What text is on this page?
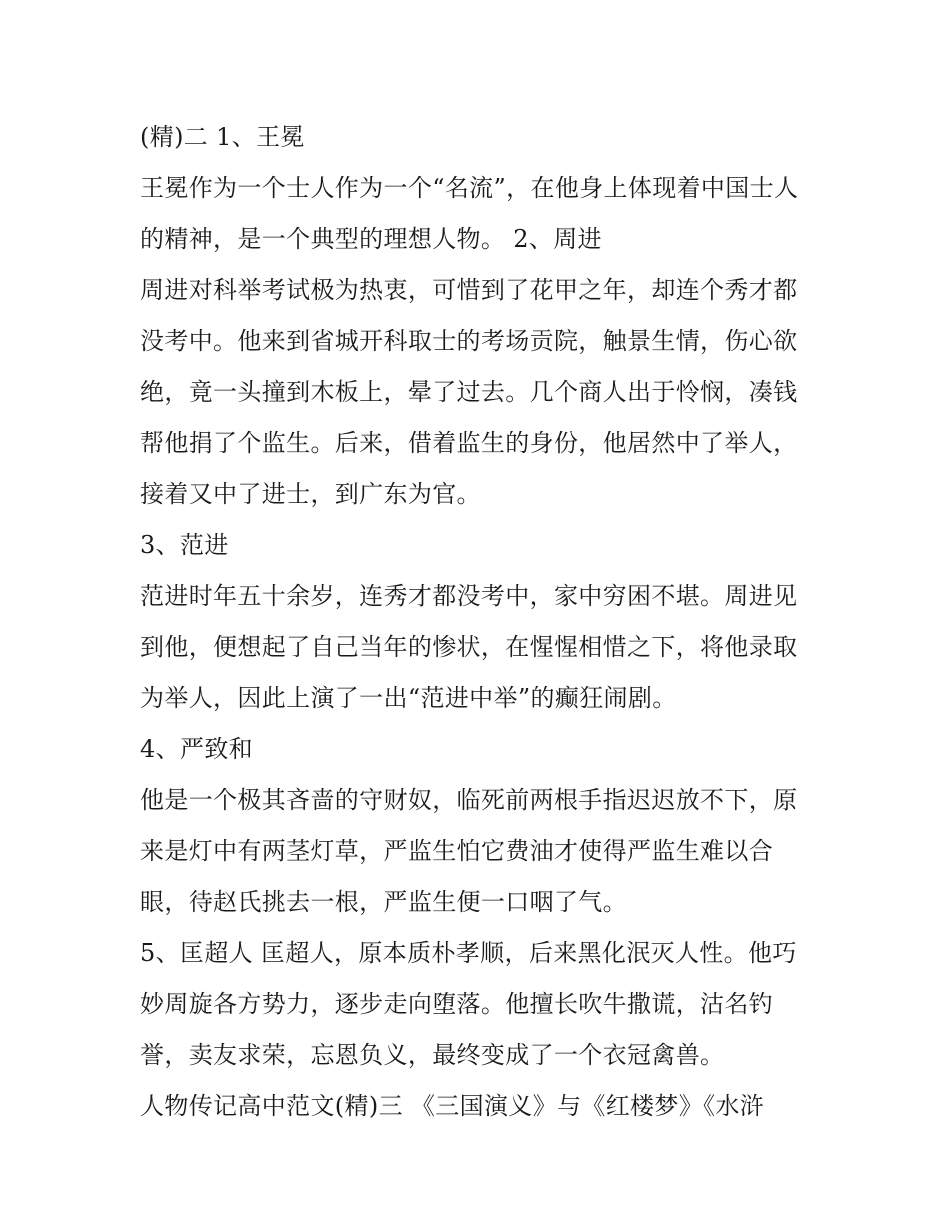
(精)二 1、王冕
王冕作为一个士人作为一个“名流”，在他身上体现着中国士人
的精神，是一个典型的理想人物。 2、周进
周进对科举考试极为热衷，可惜到了花甲之年，却连个秀才都
没考中。他来到省城开科取士的考场贡院，触景生情，伤心欲
绝，竟一头撞到木板上，晕了过去。几个商人出于怜悯，凑钱
帮他捐了个监生。后来，借着监生的身份，他居然中了举人，
接着又中了进士，到广东为官。
3、范进
范进时年五十余岁，连秀才都没考中，家中穷困不堪。周进见
到他，便想起了自己当年的惨状，在惺惺相惜之下，将他录取
为举人，因此上演了一出“范进中举”的癫狂闹剧。
4、严致和
他是一个极其吝啬的守财奴，临死前两根手指迟迟放不下，原
来是灯中有两茎灯草，严监生怕它费油才使得严监生难以合
眼，待赵氏挑去一根，严监生便一口咽了气。
5、匡超人 匡超人，原本质朴孝顺，后来黑化泯灭人性。他巧
妙周旋各方势力，逐步走向堕落。他擅长吹牛撒谎，沽名钓
誉，卖友求荣，忘恩负义，最终变成了一个衣冠禽兽。
人物传记高中范文(精)三 《三国演义》与《红楼梦》《水浒
